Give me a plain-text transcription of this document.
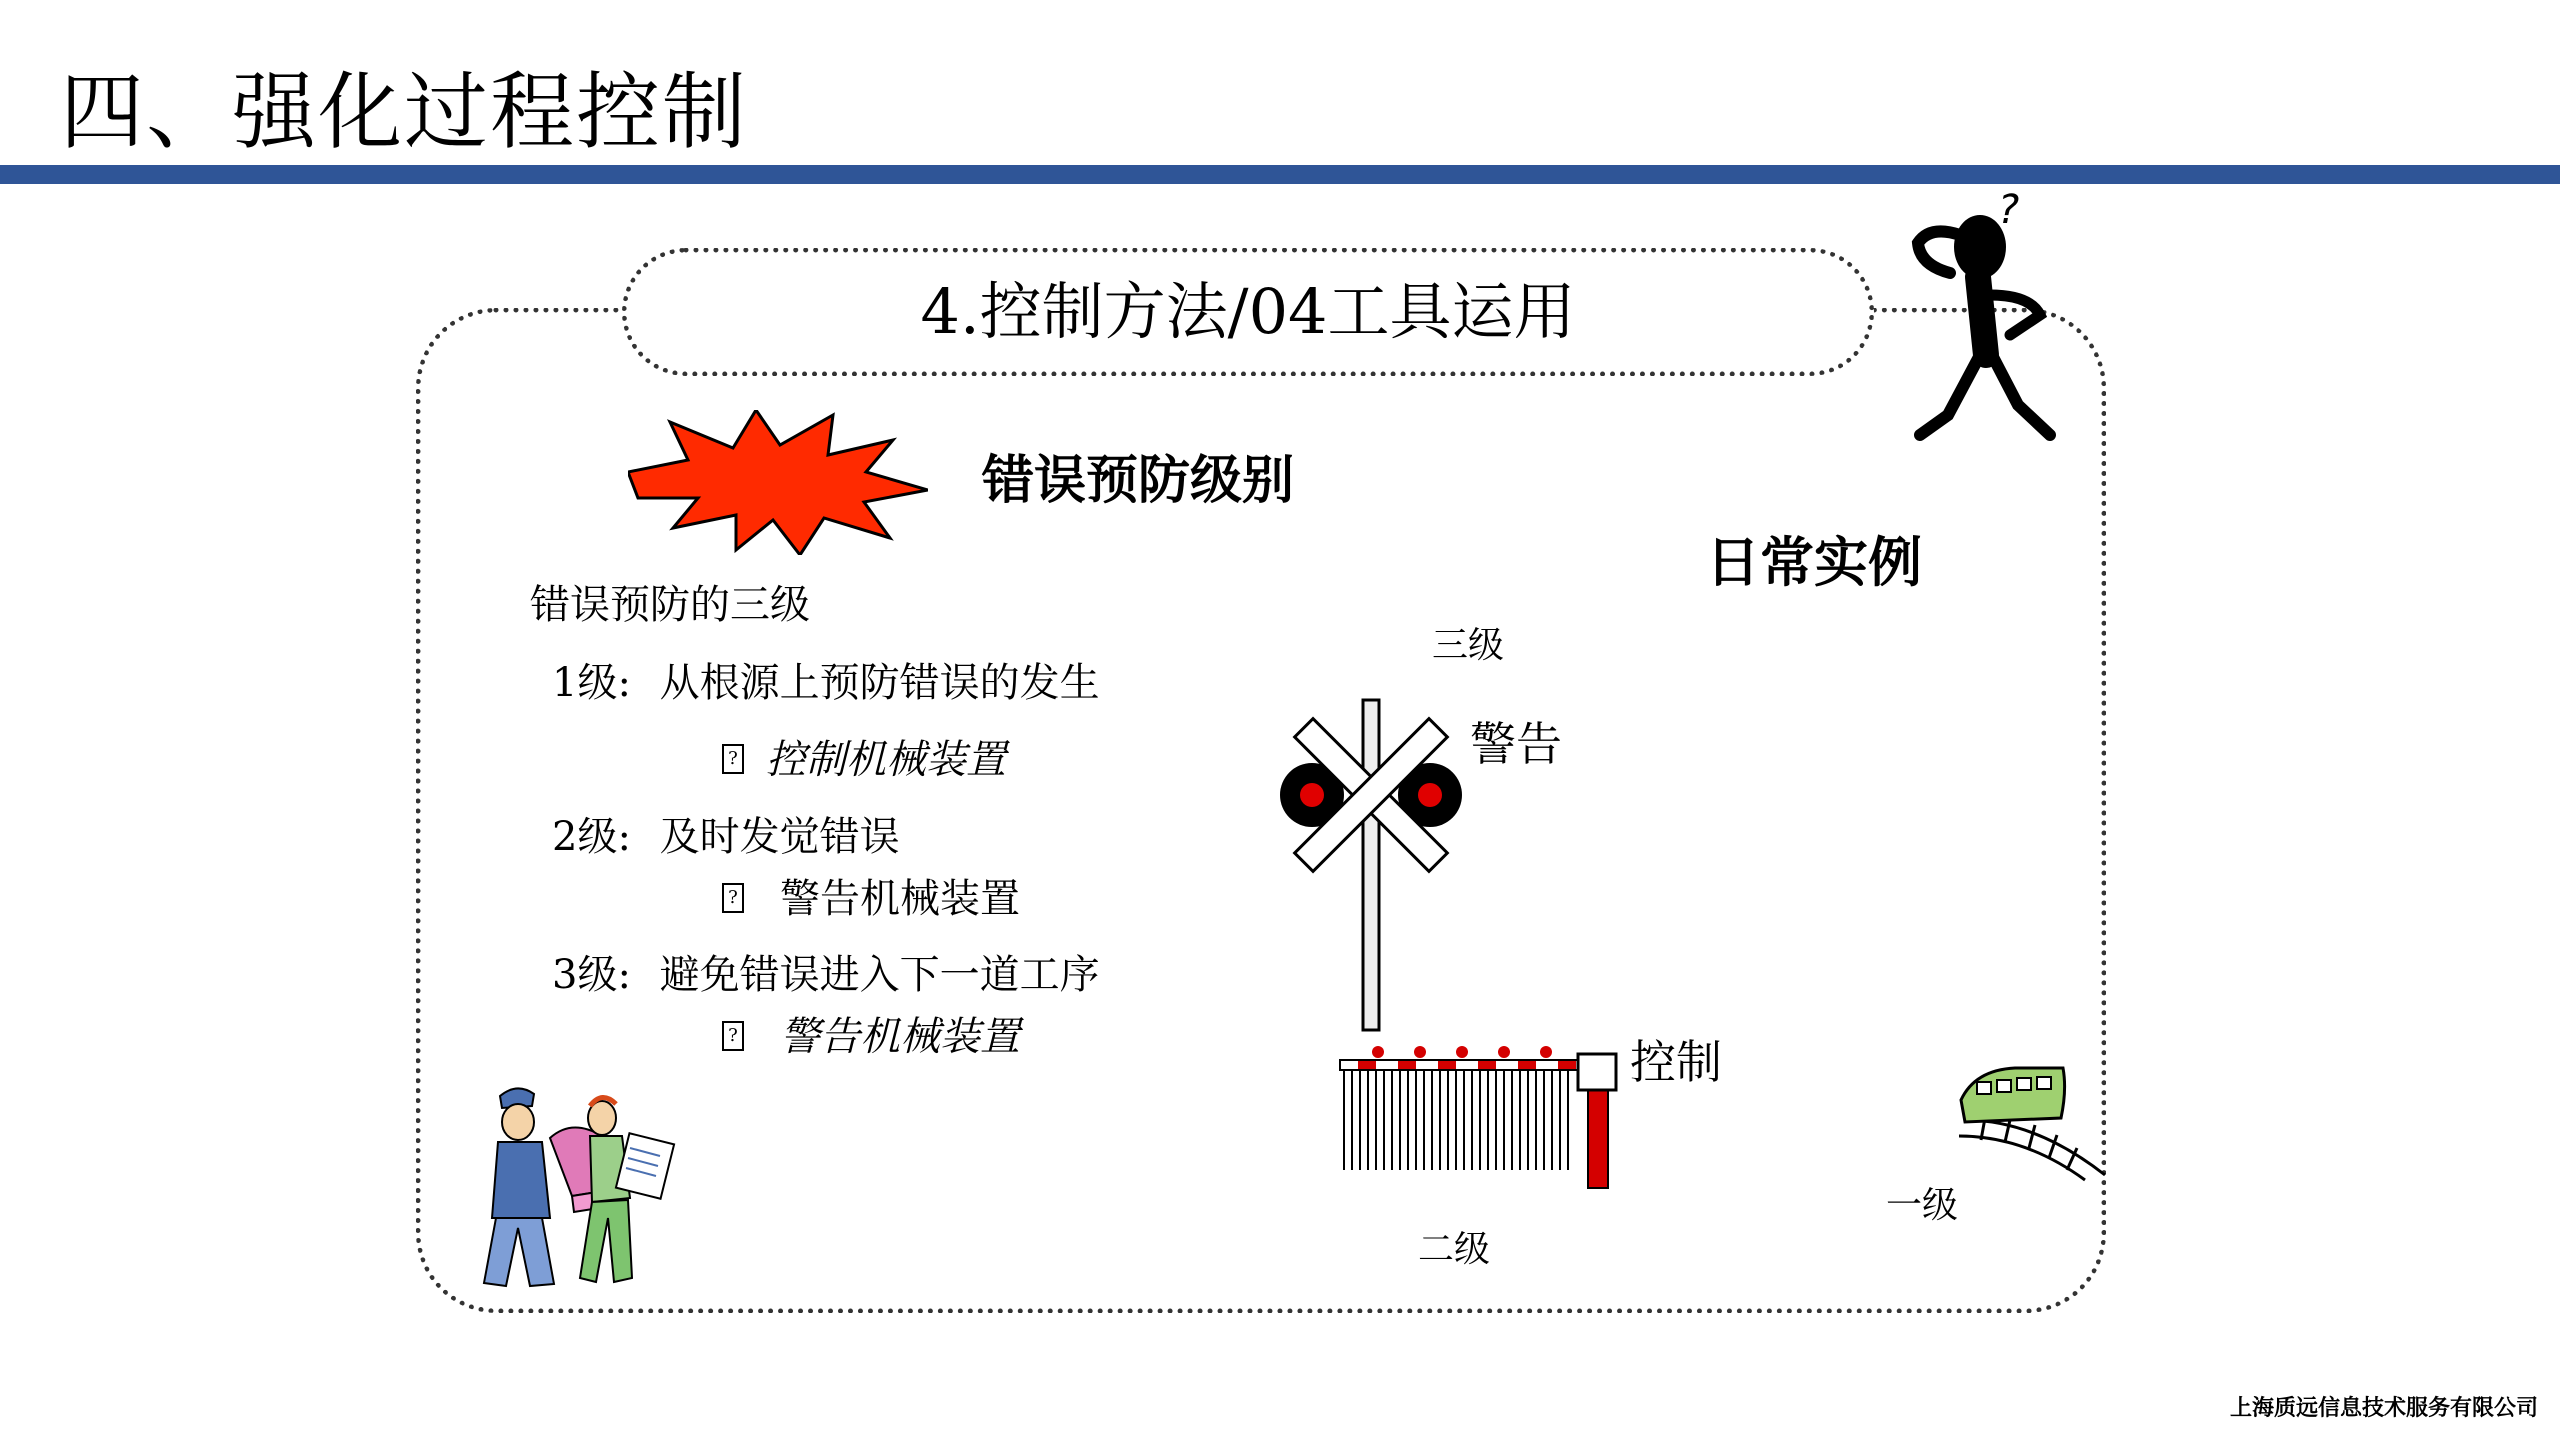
四、强化过程控制
4.控制方法/04工具运用
?
错误预防级别
日常实例
错误预防的三级
1级: 从根源上预防错误的发生
? 控制机械装置
2级: 及时发觉错误
? 警告机械装置
3级: 避免错误进入下一道工序
? 警告机械装置
三级
警告
控制
二级
一级
上海质远信息技术服务有限公司
